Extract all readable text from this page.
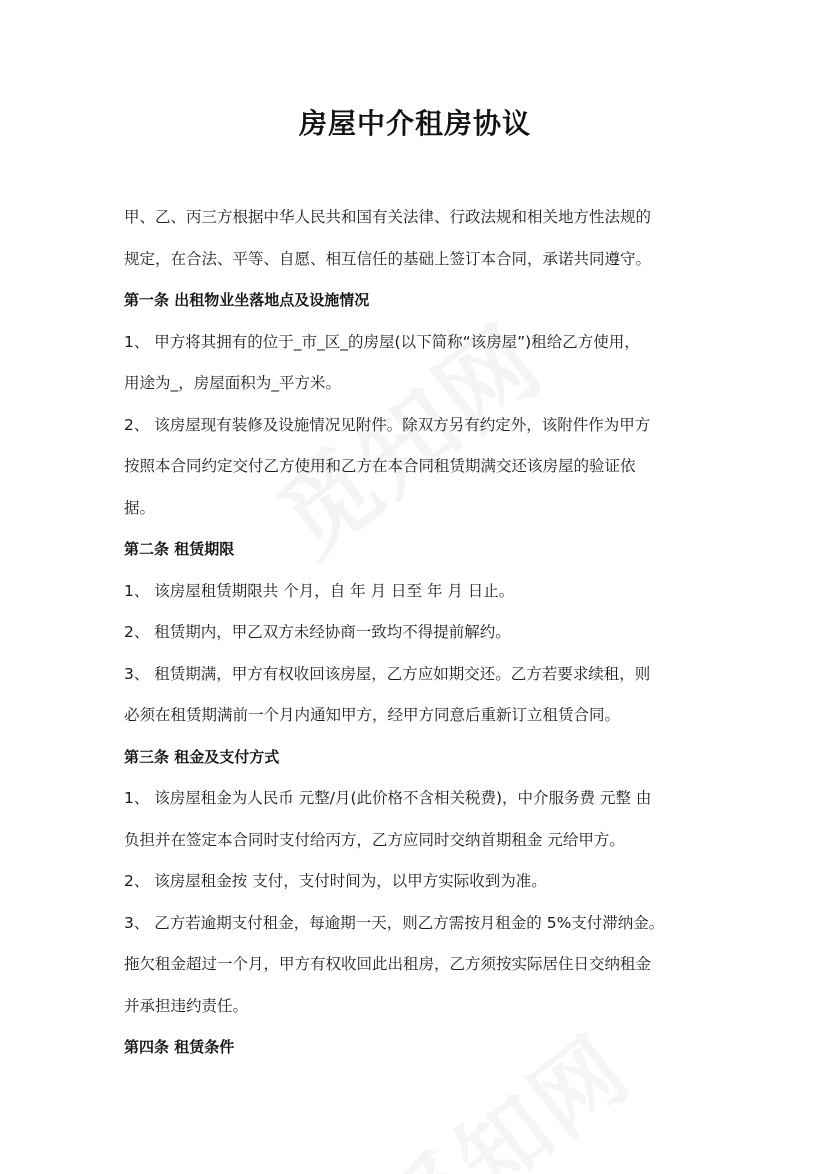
房屋中介租房协议

甲、乙、丙三方根据中华人民共和国有关法律、行政法规和相关地方性法规的

规定，在合法、平等、自愿、相互信任的基础上签订本合同，承诺共同遵守。

第一条 出租物业坐落地点及设施情况

1、 甲方将其拥有的位于_市_区_的房屋(以下简称“该房屋”)租给乙方使用，

用途为_，房屋面积为_平方米。

2、 该房屋现有装修及设施情况见附件。除双方另有约定外，该附件作为甲方

按照本合同约定交付乙方使用和乙方在本合同租赁期满交还该房屋的验证依

据。

第二条 租赁期限

1、 该房屋租赁期限共 个月，自 年 月 日至 年 月 日止。

2、 租赁期内，甲乙双方未经协商一致均不得提前解约。

3、 租赁期满，甲方有权收回该房屋，乙方应如期交还。乙方若要求续租，则

必须在租赁期满前一个月内通知甲方，经甲方同意后重新订立租赁合同。

第三条 租金及支付方式

1、 该房屋租金为人民币 元整/月(此价格不含相关税费)，中介服务费 元整 由

负担并在签定本合同时支付给丙方，乙方应同时交纳首期租金 元给甲方。

2、 该房屋租金按 支付，支付时间为，以甲方实际收到为准。

3、 乙方若逾期支付租金，每逾期一天，则乙方需按月租金的 5%支付滞纳金。

拖欠租金超过一个月，甲方有权收回此出租房，乙方须按实际居住日交纳租金

并承担违约责任。

第四条 租赁条件
